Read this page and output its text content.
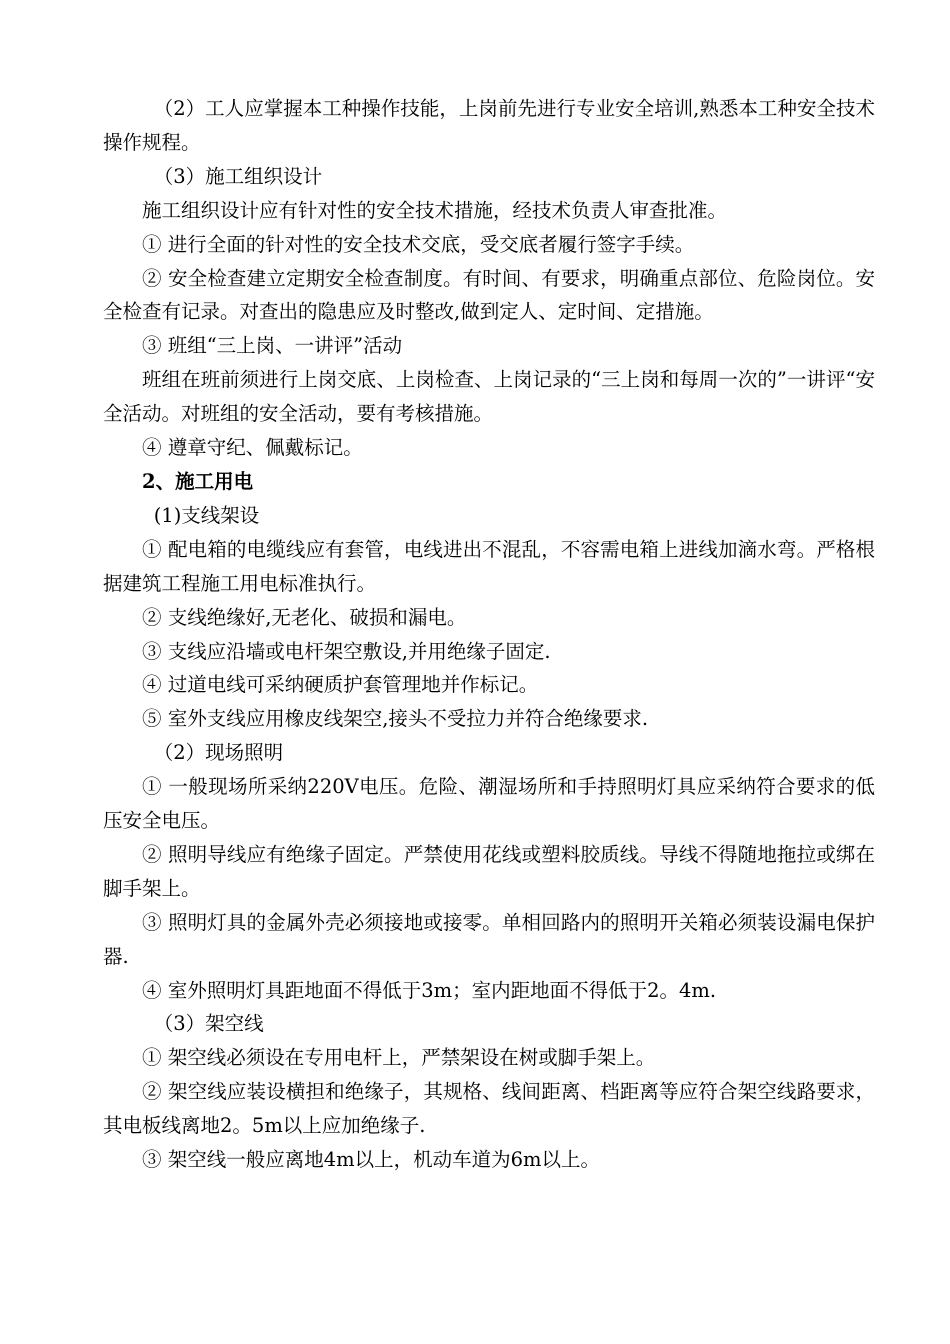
（2）工人应掌握本工种操作技能，上岗前先进行专业安全培训,熟悉本工种安全技术操作规程。

（3）施工组织设计

施工组织设计应有针对性的安全技术措施，经技术负责人审查批准。

① 进行全面的针对性的安全技术交底，受交底者履行签字手续。

② 安全检查建立定期安全检查制度。有时间、有要求，明确重点部位、危险岗位。安全检查有记录。对查出的隐患应及时整改,做到定人、定时间、定措施。

③ 班组“三上岗、一讲评”活动

班组在班前须进行上岗交底、上岗检查、上岗记录的“三上岗和每周一次的”一讲评“安全活动。对班组的安全活动，要有考核措施。

④ 遵章守纪、佩戴标记。

2、施工用电

(1)支线架设

① 配电箱的电缆线应有套管，电线进出不混乱，不容需电箱上进线加滴水弯。严格根据建筑工程施工用电标准执行。

② 支线绝缘好,无老化、破损和漏电。

③ 支线应沿墙或电杆架空敷设,并用绝缘子固定.

④ 过道电线可采纳硬质护套管理地并作标记。

⑤ 室外支线应用橡皮线架空,接头不受拉力并符合绝缘要求.

（2）现场照明

① 一般现场所采纳220V电压。危险、潮湿场所和手持照明灯具应采纳符合要求的低压安全电压。

② 照明导线应有绝缘子固定。严禁使用花线或塑料胶质线。导线不得随地拖拉或绑在脚手架上。

③ 照明灯具的金属外壳必须接地或接零。单相回路内的照明开关箱必须装设漏电保护器.

④ 室外照明灯具距地面不得低于3m；室内距地面不得低于2。4m.

（3）架空线

① 架空线必须设在专用电杆上，严禁架设在树或脚手架上。

② 架空线应装设横担和绝缘子，其规格、线间距离、档距离等应符合架空线路要求，其电板线离地2。5m以上应加绝缘子.

③ 架空线一般应离地4m以上，机动车道为6m以上。
